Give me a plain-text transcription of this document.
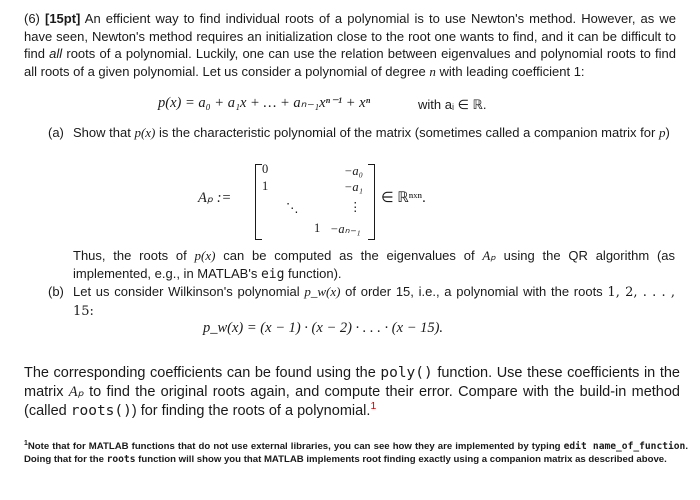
(6) [15pt] An efficient way to find individual roots of a polynomial is to use Newton's method. However, as we have seen, Newton's method requires an initialization close to the root one wants to find, and it can be difficult to find all roots of a polynomial. Luckily, one can use the relation between eigenvalues and polynomial roots to find all roots of a given polynomial. Let us consider a polynomial of degree n with leading coefficient 1:

p(x) = a₀ + a₁x + … + aₙ₋₁xⁿ⁻¹ + xⁿ	with aᵢ ∈ ℝ.
(a) Show that p(x) is the characteristic polynomial of the matrix (sometimes called a companion matrix for p)

Aₚ :=
0
1
⋱
1
−a₀
−a₁
⋮
−aₙ₋₁
∈ ℝⁿˣⁿ.

Thus, the roots of p(x) can be computed as the eigenvalues of Aₚ using the QR algorithm (as implemented, e.g., in MATLAB's eig function).

(b) Let us consider Wilkinson's polynomial p_w(x) of order 15, i.e., a polynomial with the roots 1, 2, . . . , 15:

p_w(x) = (x − 1) · (x − 2) · . . . · (x − 15).

The corresponding coefficients can be found using the poly() function. Use these coefficients in the matrix Aₚ to find the original roots again, and compute their error. Compare with the build-in method (called roots()) for finding the roots of a polynomial.$^1$

$^1$Note that for MATLAB functions that do not use external libraries, you can see how they are implemented by typing edit name_of_function. Doing that for the roots function will show you that MATLAB implements root finding exactly using a companion matrix as described above.
